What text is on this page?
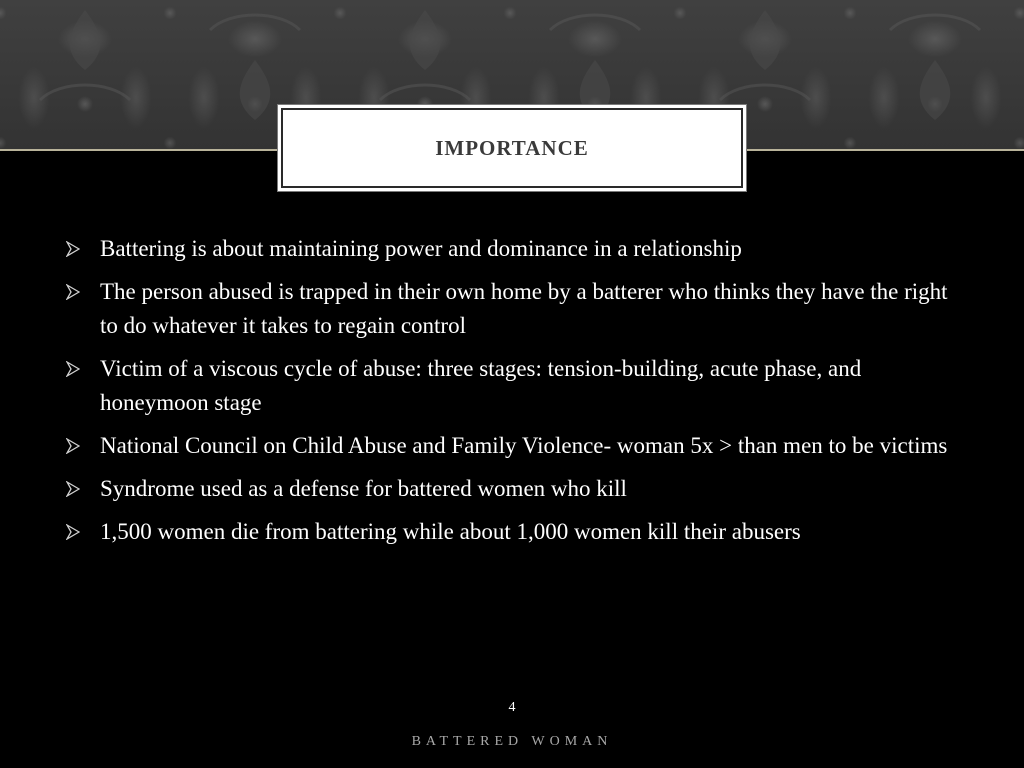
IMPORTANCE
Battering is about maintaining power and dominance in a relationship
The person abused is trapped in their own home by a batterer who thinks they have the right to do whatever it takes to regain control
Victim of a viscous cycle of abuse: three stages: tension-building, acute phase, and honeymoon stage
National Council on Child Abuse and Family Violence- woman 5x > than men to be victims
Syndrome used as a defense for battered women who kill
1,500 women die from battering while about 1,000 women kill their abusers
4
BATTERED WOMAN
